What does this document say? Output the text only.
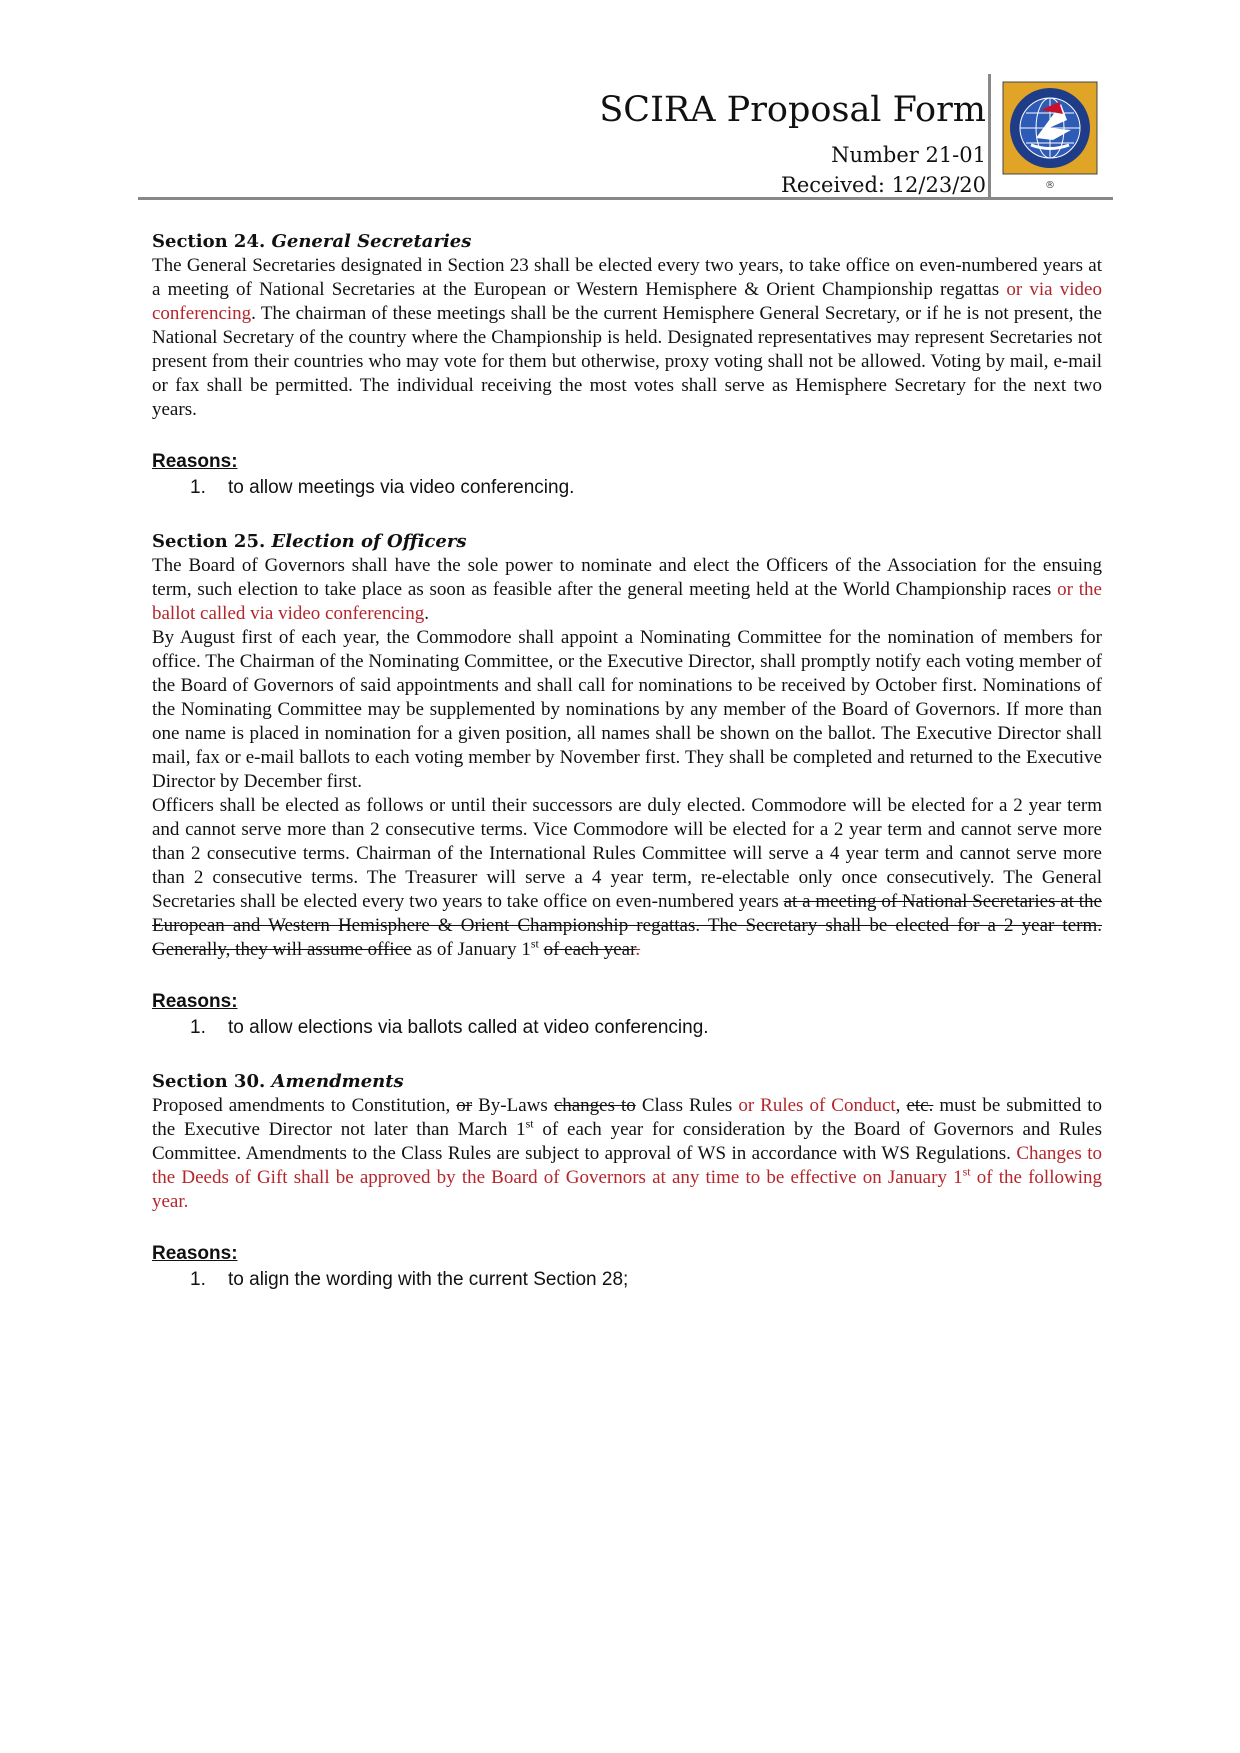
SCIRA Proposal Form
Number 21-01
Received: 12/23/20	®
Section 24. General Secretaries

The General Secretaries designated in Section 23 shall be elected every two years, to take office on even-numbered years at a meeting of National Secretaries at the European or Western Hemisphere & Orient Championship regattas or via video conferencing. The chairman of these meetings shall be the current Hemisphere General Secretary, or if he is not present, the National Secretary of the country where the Championship is held. Designated representatives may represent Secretaries not present from their countries who may vote for them but otherwise, proxy voting shall not be allowed. Voting by mail, e-mail or fax shall be permitted. The individual receiving the most votes shall serve as Hemisphere Secretary for the next two years.

Reasons:
1.	to allow meetings via video conferencing.
Section 25. Election of Officers

The Board of Governors shall have the sole power to nominate and elect the Officers of the Association for the ensuing term, such election to take place as soon as feasible after the general meeting held at the World Championship races or the ballot called via video conferencing.

By August first of each year, the Commodore shall appoint a Nominating Committee for the nomination of members for office. The Chairman of the Nominating Committee, or the Executive Director, shall promptly notify each voting member of the Board of Governors of said appointments and shall call for nominations to be received by October first. Nominations of the Nominating Committee may be supplemented by nominations by any member of the Board of Governors. If more than one name is placed in nomination for a given position, all names shall be shown on the ballot. The Executive Director shall mail, fax or e-mail ballots to each voting member by November first. They shall be completed and returned to the Executive Director by December first.

Officers shall be elected as follows or until their successors are duly elected. Commodore will be elected for a 2 year term and cannot serve more than 2 consecutive terms. Vice Commodore will be elected for a 2 year term and cannot serve more than 2 consecutive terms. Chairman of the International Rules Committee will serve a 4 year term and cannot serve more than 2 consecutive terms. The Treasurer will serve a 4 year term, re-electable only once consecutively. The General Secretaries shall be elected every two years to take office on even-numbered years at a meeting of National Secretaries at the European and Western Hemisphere & Orient Championship regattas. The Secretary shall be elected for a 2 year term. Generally, they will assume office as of January 1st of each year.

Reasons:
1.	to allow elections via ballots called at video conferencing.
Section 30. Amendments

Proposed amendments to Constitution, or By-Laws changes to Class Rules or Rules of Conduct, etc. must be submitted to the Executive Director not later than March 1st of each year for consideration by the Board of Governors and Rules Committee. Amendments to the Class Rules are subject to approval of WS in accordance with WS Regulations. Changes to the Deeds of Gift shall be approved by the Board of Governors at any time to be effective on January 1st of the following year.

Reasons:
1.	to align the wording with the current Section 28;
